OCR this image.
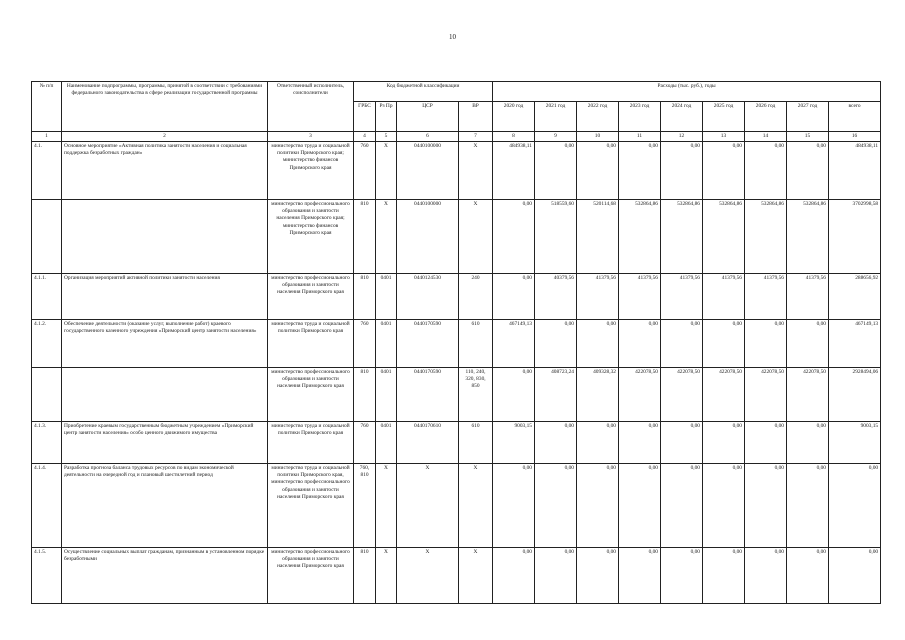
10
№ п/п	Наименование подпрограммы, программы, принятой в соответствии с требованиями федерального законодательства в сфере реализации государственной программы	Ответственный исполнитель, соисполнители	Код бюджетной классификации				Расходы (тыс. руб.), годы								
			ГРБС	Рз Пр	ЦСР	ВР	2020 год	2021 год	2022 год	2023 год	2024 год	2025 год	2026 год	2027 год	всего
1	2	3	4	5	6	7	8	9	10	11	12	13	14	15	16
4.1.	Основное мероприятие «Активная политика занятости населения и социальная поддержка безработных граждан»	министерство труда и социальной политики Приморского края; министерство финансов Приморского края	760	X	0440100000	X	484938,11	0,00	0,00	0,00	0,00	0,00	0,00	0,00	484938,11
		министерство профессионального образования и занятости населения Приморского края; министерство финансов Приморского края	810	X	0440100000	X	0,00	518559,60	520114,68	532864,86	532864,86	532864,86	532864,86	532864,86	3702998,58
4.1.1.	Организация мероприятий активной политики занятости населения	министерство профессионального образования и занятости населения Приморского края	810	0401	0440124530	240	0,00	40379,56	41379,56	41379,56	41379,56	41379,56	41379,56	41379,56	288656,92
4.1.2.	Обеспечение деятельности (оказание услуг, выполнение работ) краевого государственного казенного учреждения «Приморский центр занятости населения»	министерство труда и социальной политики Приморского края	760	0401	0440170590	610	467149,13	0,00	0,00	0,00	0,00	0,00	0,00	0,00	467149,13
		министерство профессионального образования и занятости населения Приморского края	810	0401	0440170590	110, 240, 320, 830, 850	0,00	408723,24	409328,32	422078,50	422078,50	422078,50	422078,50	422078,50	2928494,06
4.1.3.	Приобретение краевым государственным бюджетным учреждением «Приморский центр занятости населения» особо ценного движимого имущества	министерство труда и социальной политики Приморского края	760	0401	0440170610	610	9003,15	0,00	0,00	0,00	0,00	0,00	0,00	0,00	9003,15
4.1.4.	Разработка прогноза баланса трудовых ресурсов по видам экономической деятельности на очередной год и плановый шестилетний период	министерство труда и социальной политики Приморского края, министерство профессионального образования и занятости населения Приморского края	760, 810	X	X	X	0,00	0,00	0,00	0,00	0,00	0,00	0,00	0,00	0,00
4.1.5.	Осуществление социальных выплат гражданам, признанным в установленном порядке безработными	министерство профессионального образования и занятости населения Приморского края	810	X	X	X	0,00	0,00	0,00	0,00	0,00	0,00	0,00	0,00	0,00
